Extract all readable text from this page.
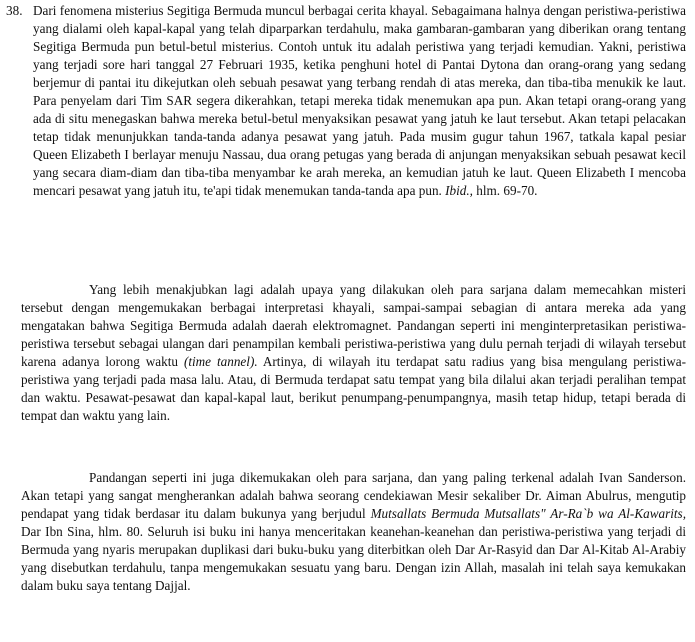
38. Dari fenomena misterius Segitiga Bermuda muncul berbagai cerita khayal. Sebagaimana halnya dengan peristiwa-peristiwa yang dialami oleh kapal-kapal yang telah diparparkan terdahulu, maka gambaran-gambaran yang diberikan orang tentang Segitiga Bermuda pun betul-betul misterius. Contoh untuk itu adalah peristiwa yang terjadi kemudian. Yakni, peristiwa yang terjadi sore hari tanggal 27 Februari 1935, ketika penghuni hotel di Pantai Dytona dan orang-orang yang sedang berjemur di pantai itu dikejutkan oleh sebuah pesawat yang terbang rendah di atas mereka, dan tiba-tiba menukik ke laut. Para penyelam dari Tim SAR segera dikerahkan, tetapi mereka tidak menemukan apa pun. Akan tetapi orang-orang yang ada di situ menegaskan bahwa mereka betul-betul menyaksikan pesawat yang jatuh ke laut tersebut. Akan tetapi pelacakan tetap tidak menunjukkan tanda-tanda adanya pesawat yang jatuh. Pada musim gugur tahun 1967, tatkala kapal pesiar Queen Elizabeth I berlayar menuju Nassau, dua orang petugas yang berada di anjungan menyaksikan sebuah pesawat kecil yang secara diam-diam dan tiba-tiba menyambar ke arah mereka, an kemudian jatuh ke laut. Queen Elizabeth I mencoba mencari pesawat yang jatuh itu, te'api tidak menemukan tanda-tanda apa pun. Ibid., hlm. 69-70.

Yang lebih menakjubkan lagi adalah upaya yang dilakukan oleh para sarjana dalam memecahkan misteri tersebut dengan mengemukakan berbagai interpretasi khayali, sampai-sampai sebagian di antara mereka ada yang mengatakan bahwa Segitiga Bermuda adalah daerah elektromagnet. Pandangan seperti ini menginterpretasikan peristiwa-peristiwa tersebut sebagai ulangan dari penampilan kembali peristiwa-peristiwa yang dulu pernah terjadi di wilayah tersebut karena adanya lorong waktu (time tannel). Artinya, di wilayah itu terdapat satu radius yang bisa mengulang peristiwa-peristiwa yang terjadi pada masa lalu. Atau, di Bermuda terdapat satu tempat yang bila dilalui akan terjadi peralihan tempat dan waktu. Pesawat-pesawat dan kapal-kapal laut, berikut penumpang-penumpangnya, masih tetap hidup, tetapi berada di tempat dan waktu yang lain.

Pandangan seperti ini juga dikemukakan oleh para sarjana, dan yang paling terkenal adalah Ivan Sanderson. Akan tetapi yang sangat mengherankan adalah bahwa seorang cendekiawan Mesir sekaliber Dr. Aiman Abulrus, mengutip pendapat yang tidak berdasar itu dalam bukunya yang berjudul Mutsallats Bermuda Mutsallats" Ar-Ra`b wa Al-Kawarits, Dar Ibn Sina, hlm. 80. Seluruh isi buku ini hanya menceritakan keanehan-keanehan dan peristiwa-peristiwa yang terjadi di Bermuda yang nyaris merupakan duplikasi dari buku-buku yang diterbitkan oleh Dar Ar-Rasyid dan Dar Al-Kitab Al-Arabiy yang disebutkan terdahulu, tanpa mengemukakan sesuatu yang baru. Dengan izin Allah, masalah ini telah saya kemukakan dalam buku saya tentang Dajjal.
